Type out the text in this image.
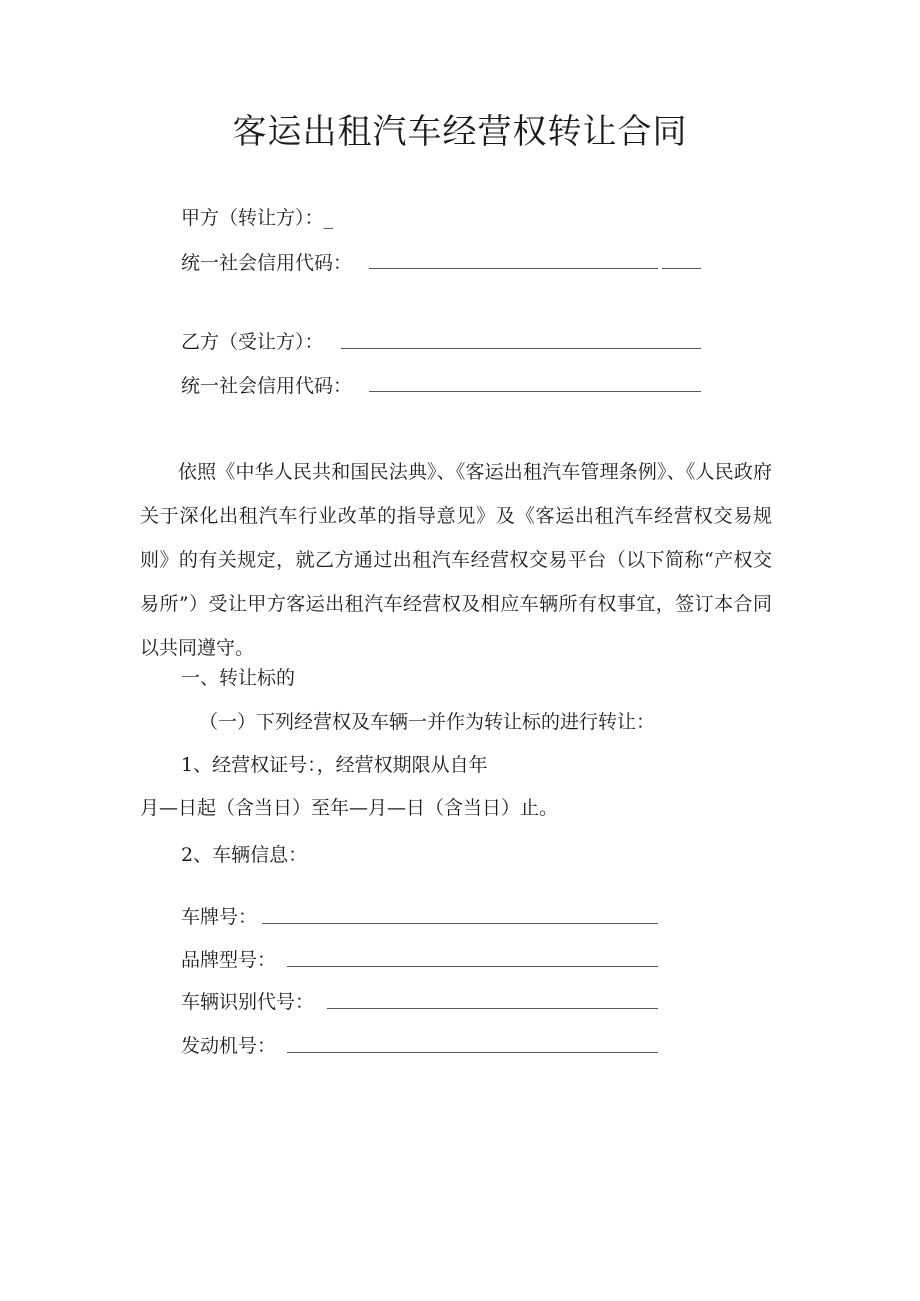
客运出租汽车经营权转让合同
甲方（转让方）：_
统一社会信用代码：
乙方（受让方）：
统一社会信用代码：
依照《中华人民共和国民法典》、《客运出租汽车管理条例》、《人民政府关于深化出租汽车行业改革的指导意见》及《客运出租汽车经营权交易规则》的有关规定，就乙方通过出租汽车经营权交易平台（以下简称“产权交易所”）受让甲方客运出租汽车经营权及相应车辆所有权事宜，签订本合同以共同遵守。
一、转让标的
（一）下列经营权及车辆一并作为转让标的进行转让：
1、经营权证号：，经营权期限从自年
月—日起（含当日）至年—月—日（含当日）止。
2、车辆信息：
车牌号：
品牌型号：
车辆识别代号：
发动机号：
